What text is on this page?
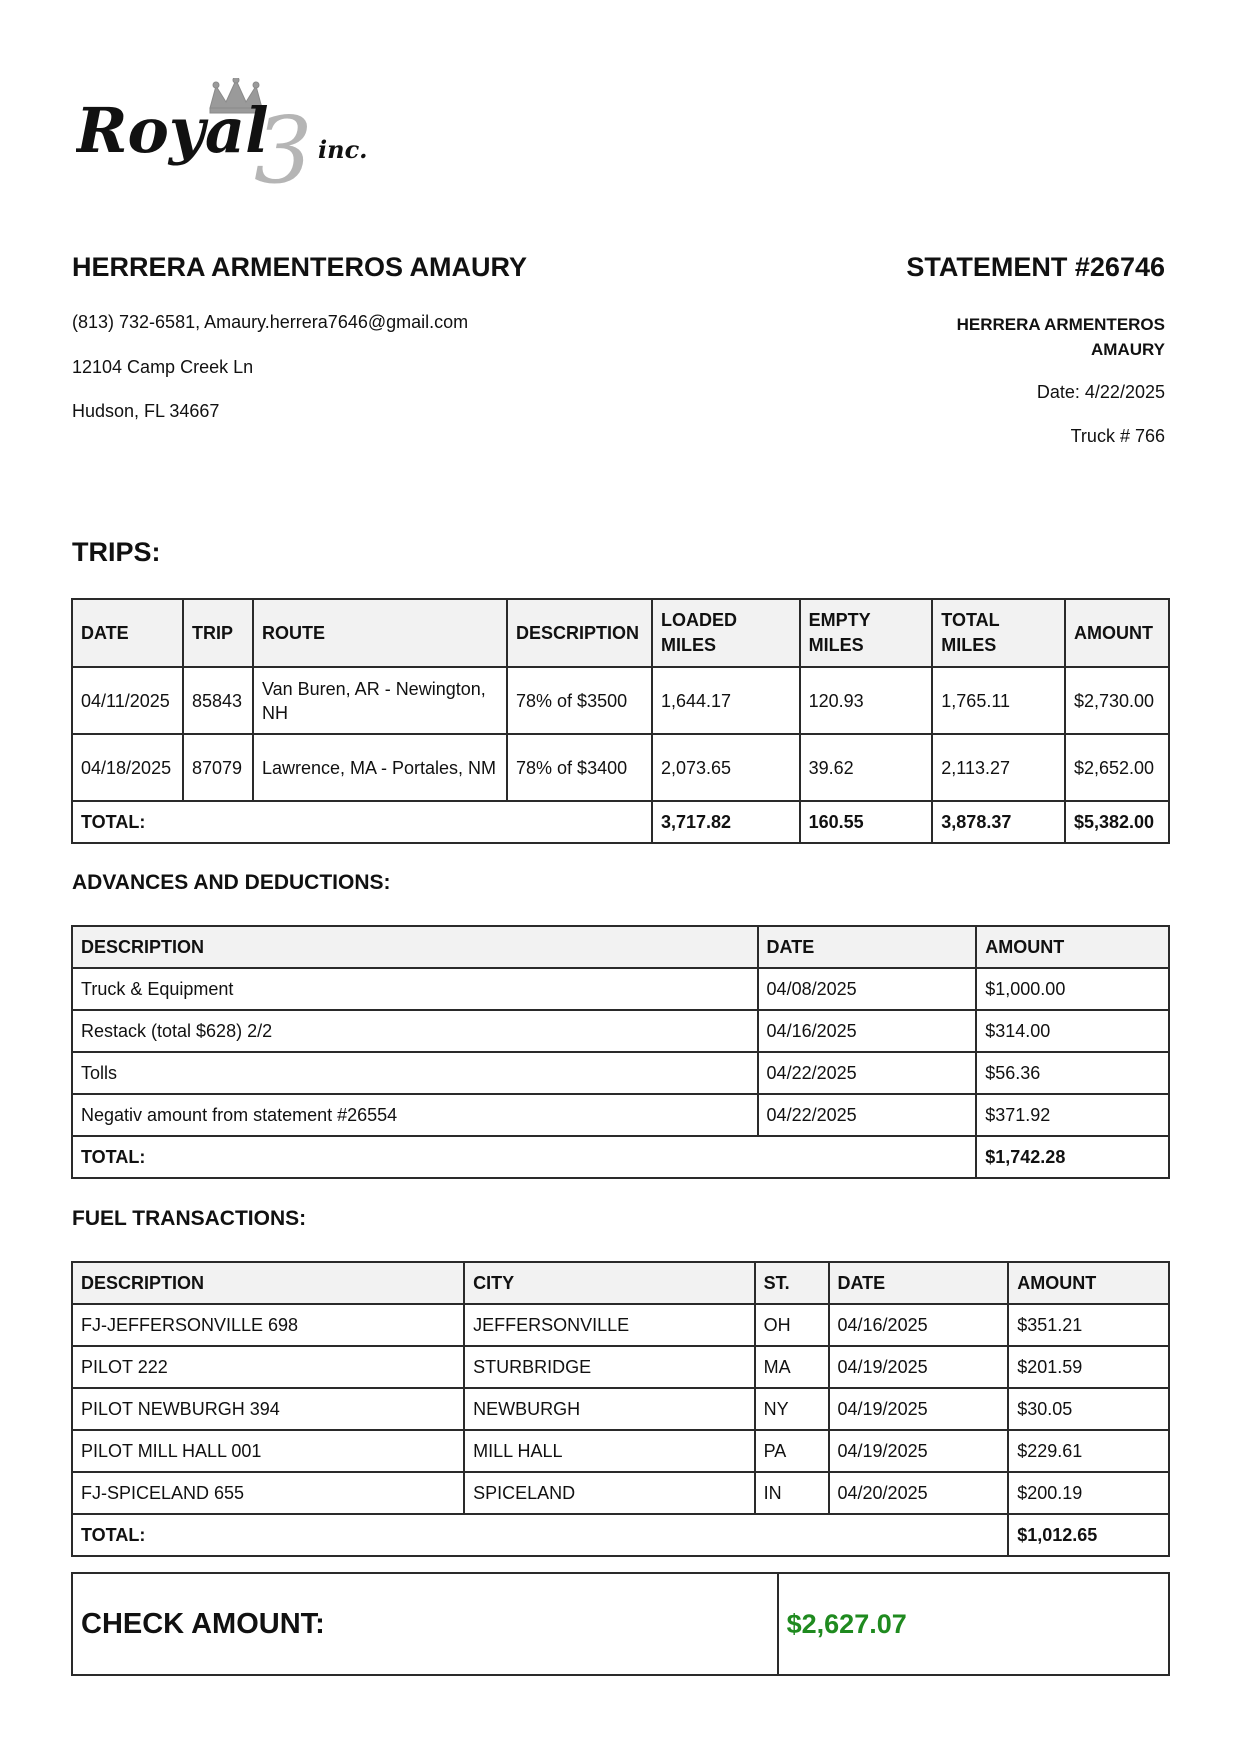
Royal
3 inc.
HERRERA ARMENTEROS AMAURY
(813) 732-6581, Amaury.herrera7646@gmail.com
12104 Camp Creek Ln
Hudson, FL 34667
STATEMENT #26746
HERRERA ARMENTEROS AMAURY
Date: 4/22/2025
Truck # 766
TRIPS:
DATE	TRIP	ROUTE	DESCRIPTION	LOADED MILES	EMPTY MILES	TOTAL MILES	AMOUNT
04/11/2025	85843	Van Buren, AR - Newington, NH	78% of $3500	1,644.17	120.93	1,765.11	$2,730.00
04/18/2025	87079	Lawrence, MA - Portales, NM	78% of $3400	2,073.65	39.62	2,113.27	$2,652.00
TOTAL:				3,717.82	160.55	3,878.37	$5,382.00
ADVANCES AND DEDUCTIONS:
DESCRIPTION	DATE	AMOUNT
Truck & Equipment	04/08/2025	$1,000.00
Restack (total $628) 2/2	04/16/2025	$314.00
Tolls	04/22/2025	$56.36
Negativ amount from statement #26554	04/22/2025	$371.92
TOTAL:		$1,742.28
FUEL TRANSACTIONS:
DESCRIPTION	CITY	ST.	DATE	AMOUNT
FJ-JEFFERSONVILLE 698	JEFFERSONVILLE	OH	04/16/2025	$351.21
PILOT 222	STURBRIDGE	MA	04/19/2025	$201.59
PILOT NEWBURGH 394	NEWBURGH	NY	04/19/2025	$30.05
PILOT MILL HALL 001	MILL HALL	PA	04/19/2025	$229.61
FJ-SPICELAND 655	SPICELAND	IN	04/20/2025	$200.19
TOTAL:				$1,012.65
CHECK AMOUNT:	$2,627.07
